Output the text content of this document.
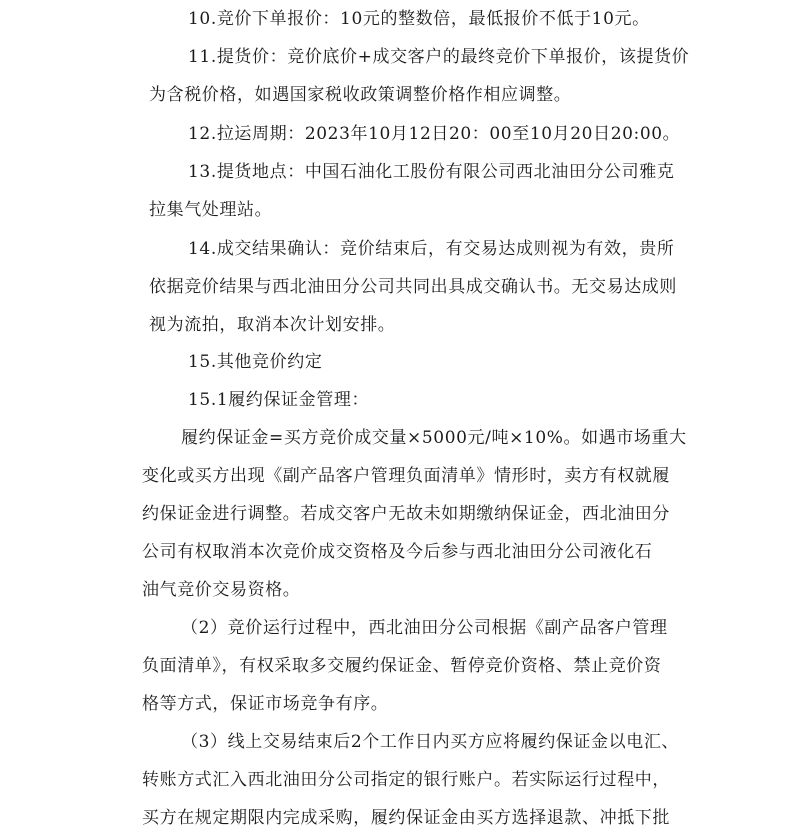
10.竞价下单报价：10元的整数倍，最低报价不低于10元。
11.提货价：竞价底价+成交客户的最终竞价下单报价，该提货价
为含税价格，如遇国家税收政策调整价格作相应调整。
12.拉运周期：2023年10月12日20：00至10月20日20:00。
13.提货地点：中国石油化工股份有限公司西北油田分公司雅克
拉集气处理站。
14.成交结果确认：竞价结束后，有交易达成则视为有效，贵所
依据竞价结果与西北油田分公司共同出具成交确认书。无交易达成则
视为流拍，取消本次计划安排。
15.其他竞价约定
15.1履约保证金管理：
履约保证金=买方竞价成交量×5000元/吨×10%。如遇市场重大
变化或买方出现《副产品客户管理负面清单》情形时，卖方有权就履
约保证金进行调整。若成交客户无故未如期缴纳保证金，西北油田分
公司有权取消本次竞价成交资格及今后参与西北油田分公司液化石
油气竞价交易资格。
（2）竞价运行过程中，西北油田分公司根据《副产品客户管理
负面清单》，有权采取多交履约保证金、暂停竞价资格、禁止竞价资
格等方式，保证市场竞争有序。
（3）线上交易结束后2个工作日内买方应将履约保证金以电汇、
转账方式汇入西北油田分公司指定的银行账户。若实际运行过程中，
买方在规定期限内完成采购，履约保证金由买方选择退款、冲抵下批
